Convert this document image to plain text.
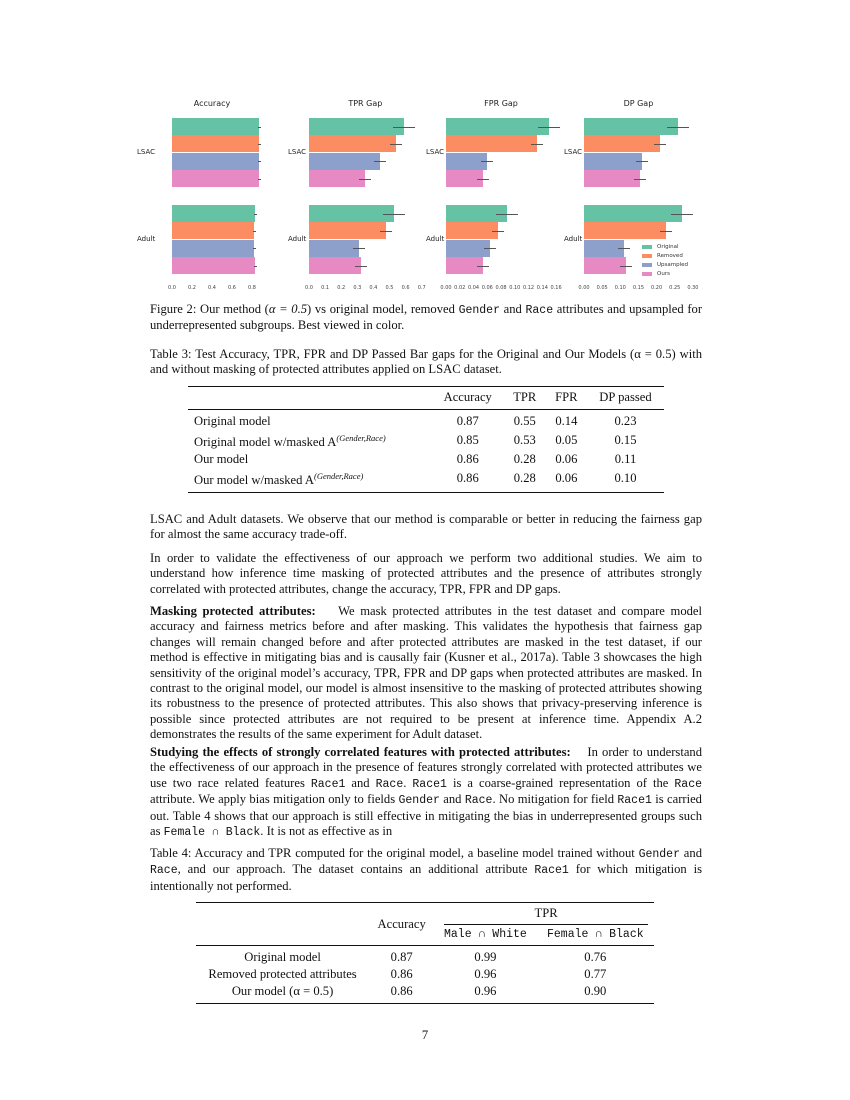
Accuracy
LSAC
Adult
0.0 0.2 0.4 0.6 0.8
TPR Gap
LSAC
Adult
0.0 0.1 0.2 0.3 0.4 0.5 0.6 0.7
FPR Gap
LSAC
Adult
0.00 0.02 0.04 0.06 0.08 0.10 0.12 0.14 0.16
DP Gap
LSAC
Adult
0.00 0.05 0.10 0.15 0.20 0.25 0.30
Original
Removed
Upsampled
Ours

Figure 2: Our method (α = 0.5) vs original model, removed Gender and Race attributes and upsampled for underrepresented subgroups. Best viewed in color.

Table 3: Test Accuracy, TPR, FPR and DP Passed Bar gaps for the Original and Our Models (α = 0.5) with and without masking of protected attributes applied on LSAC dataset.

	Accuracy	TPR	FPR	DP passed
Original model	0.87	0.55	0.14	0.23
Original model w/masked $A^{(Gender,Race)}$	0.85	0.53	0.05	0.15
Our model	0.86	0.28	0.06	0.11
Our model w/masked $A^{(Gender,Race)}$	0.86	0.28	0.06	0.10

LSAC and Adult datasets. We observe that our method is comparable or better in reducing the fairness gap for almost the same accuracy trade-off.

In order to validate the effectiveness of our approach we perform two additional studies. We aim to understand how inference time masking of protected attributes and the presence of attributes strongly correlated with protected attributes, change the accuracy, TPR, FPR and DP gaps.

Masking protected attributes: We mask protected attributes in the test dataset and compare model accuracy and fairness metrics before and after masking. This validates the hypothesis that fairness gap changes will remain changed before and after protected attributes are masked in the test dataset, if our method is effective in mitigating bias and is causally fair (Kusner et al., 2017a). Table 3 showcases the high sensitivity of the original model’s accuracy, TPR, FPR and DP gaps when protected attributes are masked. In contrast to the original model, our model is almost insensitive to the masking of protected attributes showing its robustness to the presence of protected attributes. This also shows that privacy-preserving inference is possible since protected attributes are not required to be present at inference time. Appendix A.2 demonstrates the results of the same experiment for Adult dataset.

Studying the effects of strongly correlated features with protected attributes: In order to understand the effectiveness of our approach in the presence of features strongly correlated with protected attributes we use two race related features Race1 and Race. Race1 is a coarse-grained representation of the Race attribute. We apply bias mitigation only to fields Gender and Race. No mitigation for field Race1 is carried out. Table 4 shows that our approach is still effective in mitigating the bias in underrepresented groups such as Female ∩ Black. It is not as effective as in

Table 4: Accuracy and TPR computed for the original model, a baseline model trained without Gender and Race, and our approach. The dataset contains an additional attribute Race1 for which mitigation is intentionally not performed.

	Accuracy	TPR	

		Male ∩ White	Female ∩ Black
Original model	0.87	0.99	0.76
Removed protected attributes	0.86	0.96	0.77
Our model (α = 0.5)	0.86	0.96	0.90
7
